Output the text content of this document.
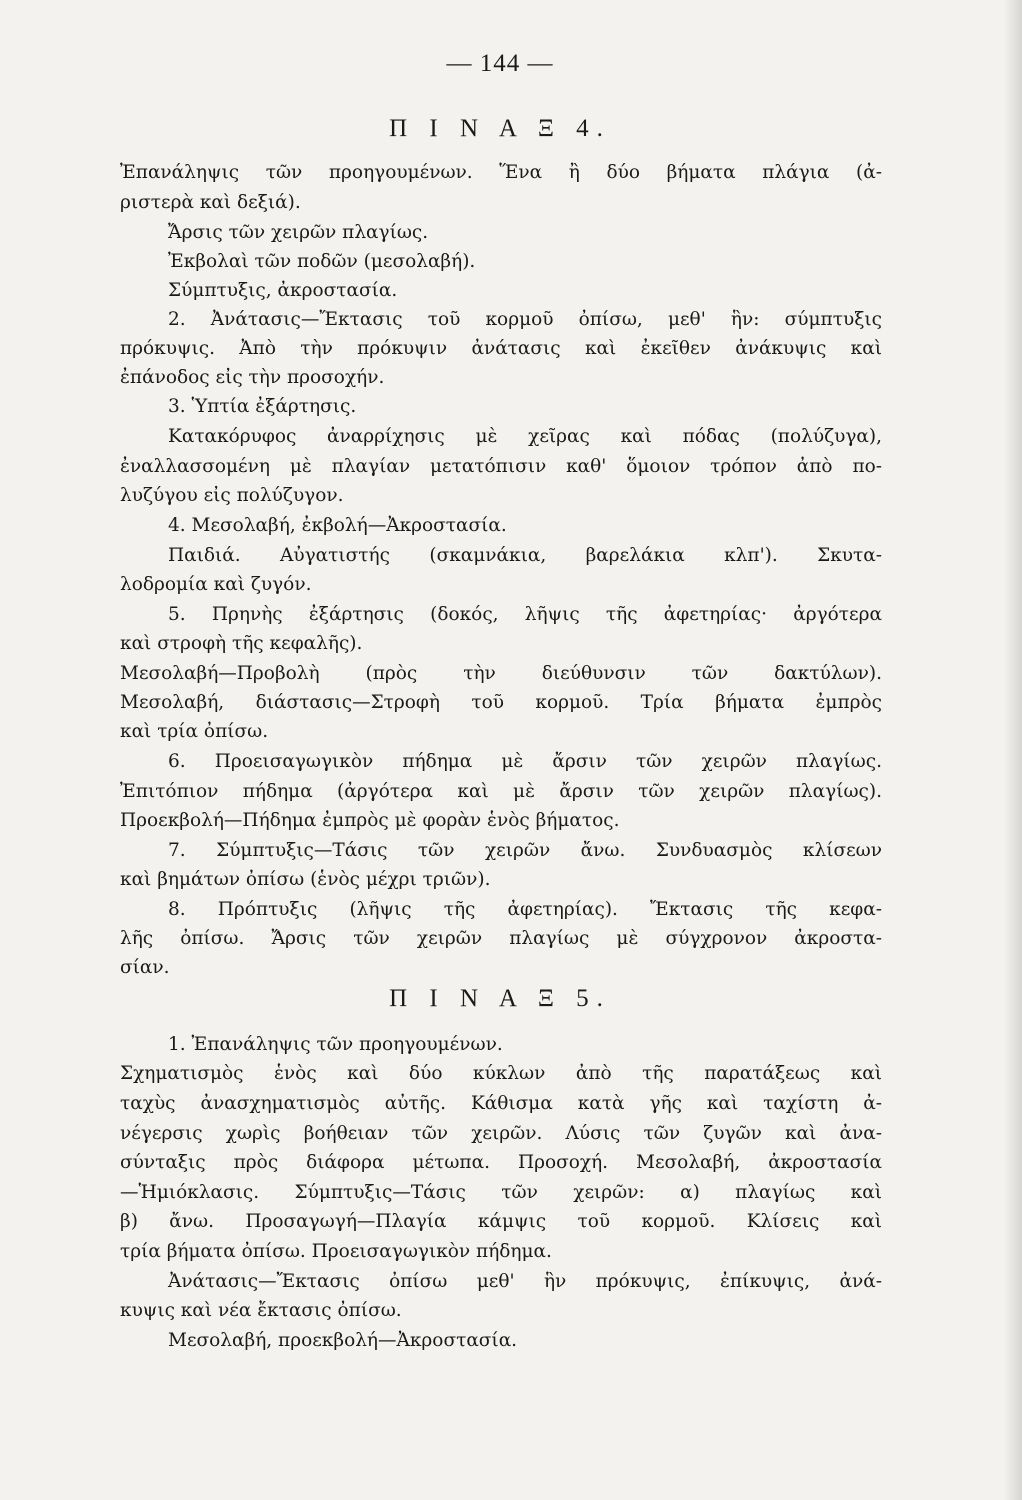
— 144 —
Π Ι Ν Α Ξ 4.
Ἐπανάληψις τῶν προηγουμένων. Ἕνα ἢ δύο βήματα πλάγια (ἀ-
ριστερὰ καὶ δεξιά).
Ἄρσις τῶν χειρῶν πλαγίως.
Ἐκβολαὶ τῶν ποδῶν (μεσολαβή).
Σύμπτυξις, ἀκροστασία.
2. Ἀνάτασις—Ἔκτασις τοῦ κορμοῦ ὀπίσω, μεθ' ἣν: σύμπτυξις
πρόκυψις. Ἀπὸ τὴν πρόκυψιν ἀνάτασις καὶ ἐκεῖθεν ἀνάκυψις καὶ
ἐπάνοδος εἰς τὴν προσοχήν.
3. Ὑπτία ἐξάρτησις.
Κατακόρυφος ἀναρρίχησις μὲ χεῖρας καὶ πόδας (πολύζυγα),
ἐναλλασσομένη μὲ πλαγίαν μετατόπισιν καθ' ὅμοιον τρόπον ἀπὸ πο-
λυζύγου εἰς πολύζυγον.
4. Μεσολαβή, ἐκβολή—Ἀκροστασία.
Παιδιά. Αὐγατιστής (σκαμνάκια, βαρελάκια κλπ'). Σκυτα-
λοδρομία καὶ ζυγόν.
5. Πρηνὴς ἐξάρτησις (δοκός, λῆψις τῆς ἀφετηρίας· ἀργότερα
καὶ στροφὴ τῆς κεφαλῆς).
Μεσολαβή—Προβολὴ (πρὸς τὴν διεύθυνσιν τῶν δακτύλων).
Μεσολαβή, διάστασις—Στροφὴ τοῦ κορμοῦ. Τρία βήματα ἐμπρὸς
καὶ τρία ὀπίσω.
6. Προεισαγωγικὸν πήδημα μὲ ἄρσιν τῶν χειρῶν πλαγίως.
Ἐπιτόπιον πήδημα (ἀργότερα καὶ μὲ ἄρσιν τῶν χειρῶν πλαγίως).
Προεκβολή—Πήδημα ἐμπρὸς μὲ φορὰν ἑνὸς βήματος.
7. Σύμπτυξις—Τάσις τῶν χειρῶν ἄνω. Συνδυασμὸς κλίσεων
καὶ βημάτων ὀπίσω (ἑνὸς μέχρι τριῶν).
8. Πρόπτυξις (λῆψις τῆς ἀφετηρίας). Ἔκτασις τῆς κεφα-
λῆς ὀπίσω. Ἄρσις τῶν χειρῶν πλαγίως μὲ σύγχρονον ἀκροστα-
σίαν.
Π Ι Ν Α Ξ 5.
1. Ἐπανάληψις τῶν προηγουμένων.
Σχηματισμὸς ἑνὸς καὶ δύο κύκλων ἀπὸ τῆς παρατάξεως καὶ
ταχὺς ἀνασχηματισμὸς αὐτῆς. Κάθισμα κατὰ γῆς καὶ ταχίστη ἀ-
νέγερσις χωρὶς βοήθειαν τῶν χειρῶν. Λύσις τῶν ζυγῶν καὶ ἀνα-
σύνταξις πρὸς διάφορα μέτωπα. Προσοχή. Μεσολαβή, ἀκροστασία
—Ἡμιόκλασις. Σύμπτυξις—Τάσις τῶν χειρῶν: α) πλαγίως καὶ
β) ἄνω. Προσαγωγή—Πλαγία κάμψις τοῦ κορμοῦ. Κλίσεις καὶ
τρία βήματα ὀπίσω. Προεισαγωγικὸν πήδημα.
Ἀνάτασις—Ἔκτασις ὀπίσω μεθ' ἣν πρόκυψις, ἐπίκυψις, ἀνά-
κυψις καὶ νέα ἔκτασις ὀπίσω.
Μεσολαβή, προεκβολή—Ἀκροστασία.
